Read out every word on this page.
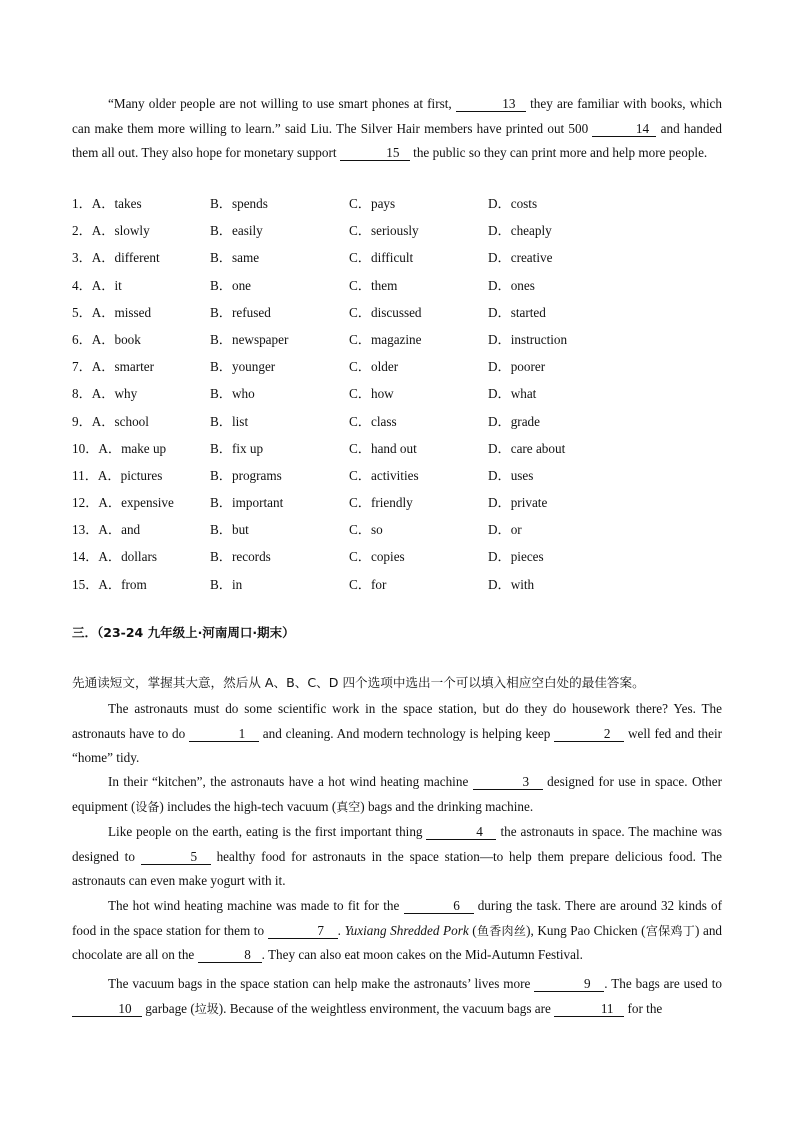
“Many older people are not willing to use smart phones at first,	13 they are familiar with books, which can make them more willing to learn.” said Liu. The Silver Hair members have printed out 500	14 and handed them all out. They also hope for monetary support	15 the public so they can print more and help more people.
1．A．takes	B．spends	C．pays	D．costs
2．A．slowly	B．easily	C．seriously	D．cheaply
3．A．different	B．same	C．difficult	D．creative
4．A．it	B．one	C．them	D．ones
5．A．missed	B．refused	C．discussed	D．started
6．A．book	B．newspaper	C．magazine	D．instruction
7．A．smarter	B．younger	C．older	D．poorer
8．A．why	B．who	C．how	D．what
9．A．school	B．list	C．class	D．grade
10．A．make up	B．fix up	C．hand out	D．care about
11．A．pictures	B．programs	C．activities	D．uses
12．A．expensive	B．important	C．friendly	D．private
13．A．and	B．but	C．so	D．or
14．A．dollars	B．records	C．copies	D．pieces
15．A．from	B．in	C．for	D．with
三．（23-24 九年级上·河南周口·期末）
先通读短文，掌握其大意，然后从 A、B、C、D 四个选项中选出一个可以填入相应空白处的最佳答案。
The astronauts must do some scientific work in the space station, but do they do housework there? Yes. The astronauts have to do	1 and cleaning. And modern technology is helping keep	2 well fed and their “home” tidy.
In their “kitchen”, the astronauts have a hot wind heating machine	3 designed for use in space. Other equipment (设备) includes the high-tech vacuum (真空) bags and the drinking machine.
Like people on the earth, eating is the first important thing	4 the astronauts in space. The machine was designed to	5 healthy food for astronauts in the space station—to help them prepare delicious food. The astronauts can even make yogurt with it.
The hot wind heating machine was made to fit for the	6 during the task. There are around 32 kinds of food in the space station for them to	7 . Yuxiang Shredded Pork (鱼香肉丝), Kung Pao Chicken (宫保鸡丁) and chocolate are all on the	8 . They can also eat moon cakes on the Mid-Autumn Festival.
The vacuum bags in the space station can help make the astronauts’ lives more	9 . The bags are used to 10 garbage (垃圾). Because of the weightless environment, the vacuum bags are	11 for the
